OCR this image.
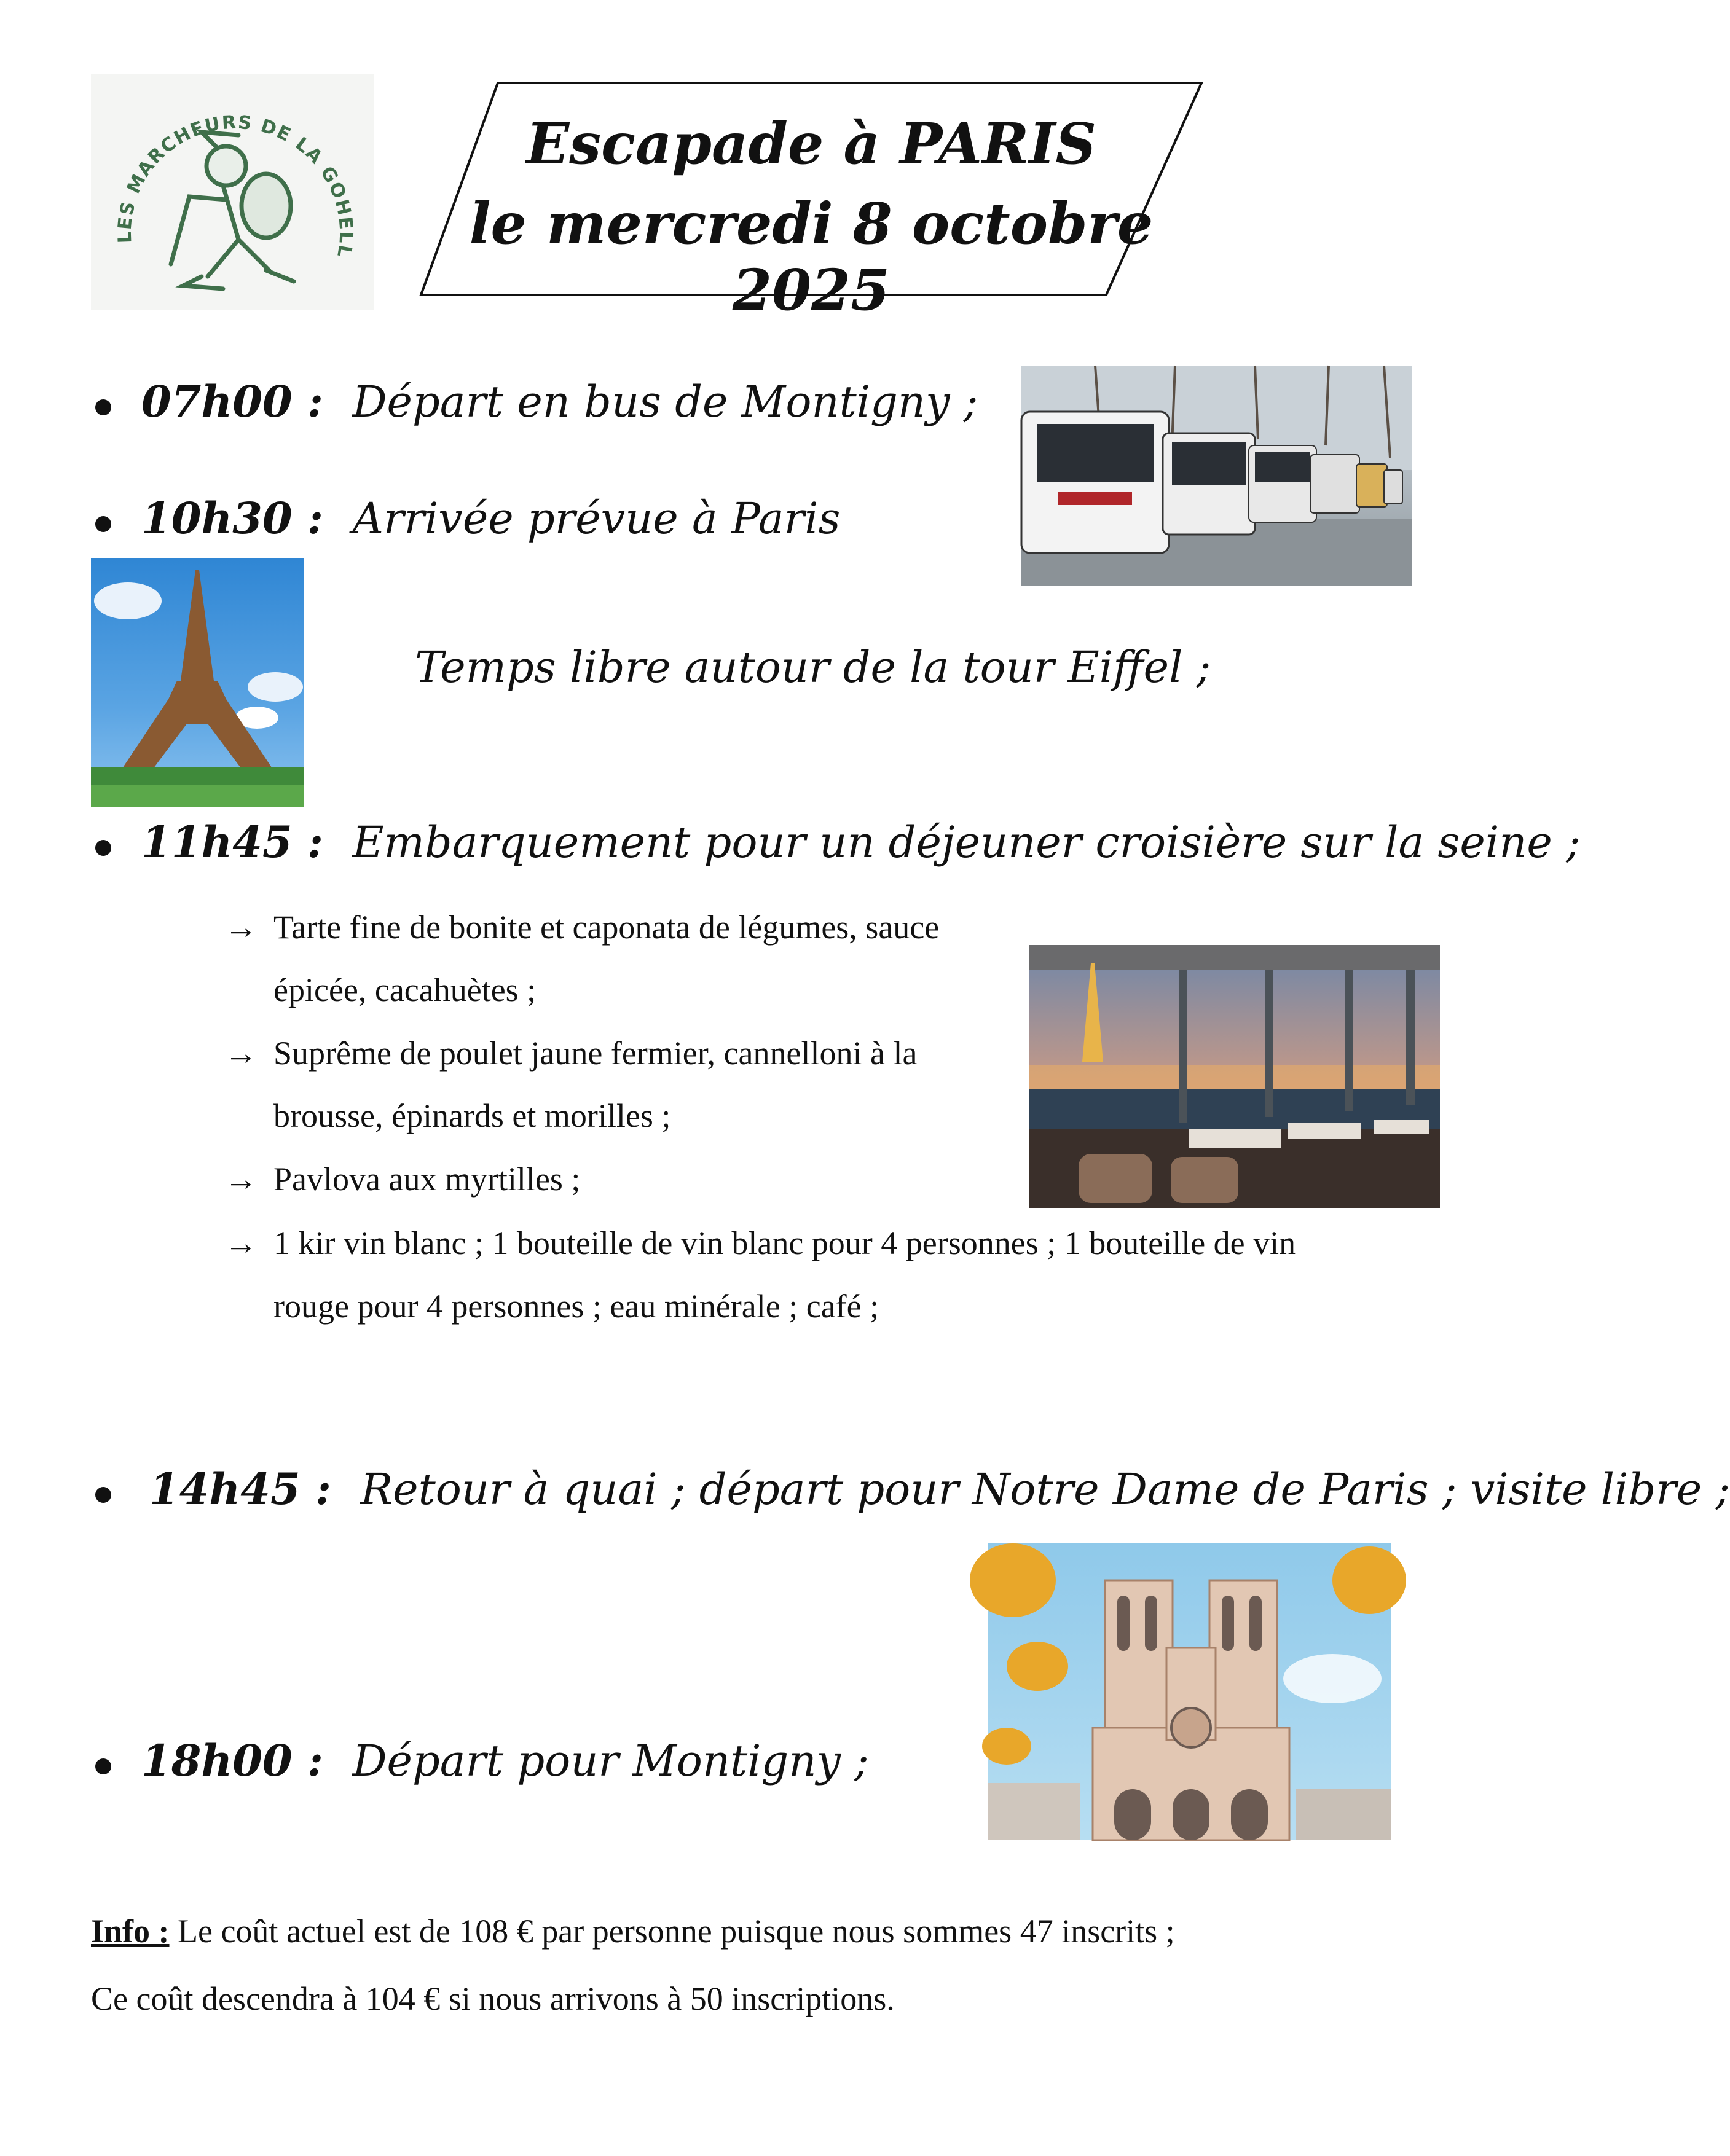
LES MARCHEURS DE LA GOHELL
Escapade à PARIS
le mercredi 8 octobre 2025
07h00 : Départ en bus de Montigny ;
10h30 : Arrivée prévue à Paris
Temps libre autour de la tour Eiffel ;
11h45 : Embarquement pour un déjeuner croisière sur la seine ;
→ Tarte fine de bonite et caponata de légumes, sauce
épicée, cacahuètes ;
→ Suprême de poulet jaune fermier, cannelloni à la
brousse, épinards et morilles ;
→ Pavlova aux myrtilles ;
→ 1 kir vin blanc ; 1 bouteille de vin blanc pour 4 personnes ; 1 bouteille de vin
rouge pour 4 personnes ; eau minérale ; café ;
14h45 : Retour à quai ; départ pour Notre Dame de Paris ; visite libre ;
18h00 : Départ pour Montigny ;
Info : Le coût actuel est de 108 € par personne puisque nous sommes 47 inscrits ;
Ce coût descendra à 104 € si nous arrivons à 50 inscriptions.
